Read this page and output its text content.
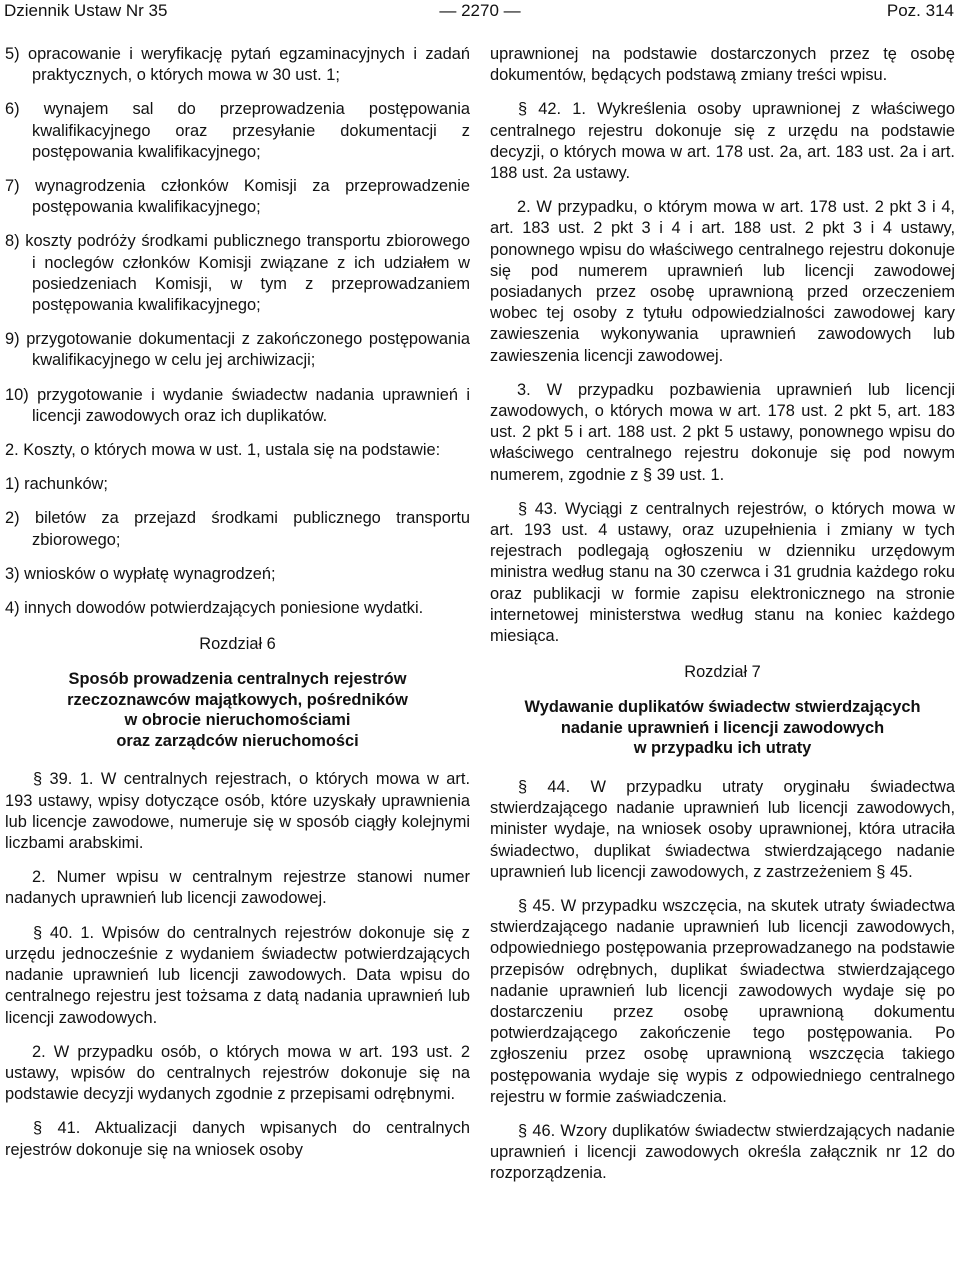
Dziennik Ustaw Nr 35	— 2270 —	Poz. 314

5) opracowanie i weryfikację pytań egzaminacyjnych i zadań praktycznych, o których mowa w 30 ust. 1;

6) wynajem sal do przeprowadzenia postępowania kwalifikacyjnego oraz przesyłanie dokumentacji z postępowania kwalifikacyjnego;

7) wynagrodzenia członków Komisji za przeprowadzenie postępowania kwalifikacyjnego;

8) koszty podróży środkami publicznego transportu zbiorowego i noclegów członków Komisji związane z ich udziałem w posiedzeniach Komisji, w tym z przeprowadzaniem postępowania kwalifikacyjnego;

9) przygotowanie dokumentacji z zakończonego postępowania kwalifikacyjnego w celu jej archiwizacji;

10) przygotowanie i wydanie świadectw nadania uprawnień i licencji zawodowych oraz ich duplikatów.

2. Koszty, o których mowa w ust. 1, ustala się na podstawie:

1) rachunków;

2) biletów za przejazd środkami publicznego transportu zbiorowego;

3) wniosków o wypłatę wynagrodzeń;

4) innych dowodów potwierdzających poniesione wydatki.

Rozdział 6
Sposób prowadzenia centralnych rejestrów
rzeczoznawców majątkowych, pośredników
w obrocie nieruchomościami
oraz zarządców nieruchomości

§ 39. 1. W centralnych rejestrach, o których mowa w art. 193 ustawy, wpisy dotyczące osób, które uzyskały uprawnienia lub licencje zawodowe, numeruje się w sposób ciągły kolejnymi liczbami arabskimi.

2. Numer wpisu w centralnym rejestrze stanowi numer nadanych uprawnień lub licencji zawodowej.

§ 40. 1. Wpisów do centralnych rejestrów dokonuje się z urzędu jednocześnie z wydaniem świadectw potwierdzających nadanie uprawnień lub licencji zawodowych. Data wpisu do centralnego rejestru jest tożsama z datą nadania uprawnień lub licencji zawodowych.

2. W przypadku osób, o których mowa w art. 193 ust. 2 ustawy, wpisów do centralnych rejestrów dokonuje się na podstawie decyzji wydanych zgodnie z przepisami odrębnymi.

§ 41. Aktualizacji danych wpisanych do centralnych rejestrów dokonuje się na wniosek osoby

uprawnionej na podstawie dostarczonych przez tę osobę dokumentów, będących podstawą zmiany treści wpisu.

§ 42. 1. Wykreślenia osoby uprawnionej z właściwego centralnego rejestru dokonuje się z urzędu na podstawie decyzji, o których mowa w art. 178 ust. 2a, art. 183 ust. 2a i art. 188 ust. 2a ustawy.

2. W przypadku, o którym mowa w art. 178 ust. 2 pkt 3 i 4, art. 183 ust. 2 pkt 3 i 4 i art. 188 ust. 2 pkt 3 i 4 ustawy, ponownego wpisu do właściwego centralnego rejestru dokonuje się pod numerem uprawnień lub licencji zawodowej posiadanych przez osobę uprawnioną przed orzeczeniem wobec tej osoby z tytułu odpowiedzialności zawodowej kary zawieszenia wykonywania uprawnień zawodowych lub zawieszenia licencji zawodowej.

3. W przypadku pozbawienia uprawnień lub licencji zawodowych, o których mowa w art. 178 ust. 2 pkt 5, art. 183 ust. 2 pkt 5 i art. 188 ust. 2 pkt 5 ustawy, ponownego wpisu do właściwego centralnego rejestru dokonuje się pod nowym numerem, zgodnie z § 39 ust. 1.

§ 43. Wyciągi z centralnych rejestrów, o których mowa w art. 193 ust. 4 ustawy, oraz uzupełnienia i zmiany w tych rejestrach podlegają ogłoszeniu w dzienniku urzędowym ministra według stanu na 30 czerwca i 31 grudnia każdego roku oraz publikacji w formie zapisu elektronicznego na stronie internetowej ministerstwa według stanu na koniec każdego miesiąca.

Rozdział 7
Wydawanie duplikatów świadectw stwierdzających
nadanie uprawnień i licencji zawodowych
w przypadku ich utraty

§ 44. W przypadku utraty oryginału świadectwa stwierdzającego nadanie uprawnień lub licencji zawodowych, minister wydaje, na wniosek osoby uprawnionej, która utraciła świadectwo, duplikat świadectwa stwierdzającego nadanie uprawnień lub licencji zawodowych, z zastrzeżeniem § 45.

§ 45. W przypadku wszczęcia, na skutek utraty świadectwa stwierdzającego nadanie uprawnień lub licencji zawodowych, odpowiedniego postępowania przeprowadzanego na podstawie przepisów odrębnych, duplikat świadectwa stwierdzającego nadanie uprawnień lub licencji zawodowych wydaje się po dostarczeniu przez osobę uprawnioną dokumentu potwierdzającego zakończenie tego postępowania. Po zgłoszeniu przez osobę uprawnioną wszczęcia takiego postępowania wydaje się wypis z odpowiedniego centralnego rejestru w formie zaświadczenia.

§ 46. Wzory duplikatów świadectw stwierdzających nadanie uprawnień i licencji zawodowych określa załącznik nr 12 do rozporządzenia.
